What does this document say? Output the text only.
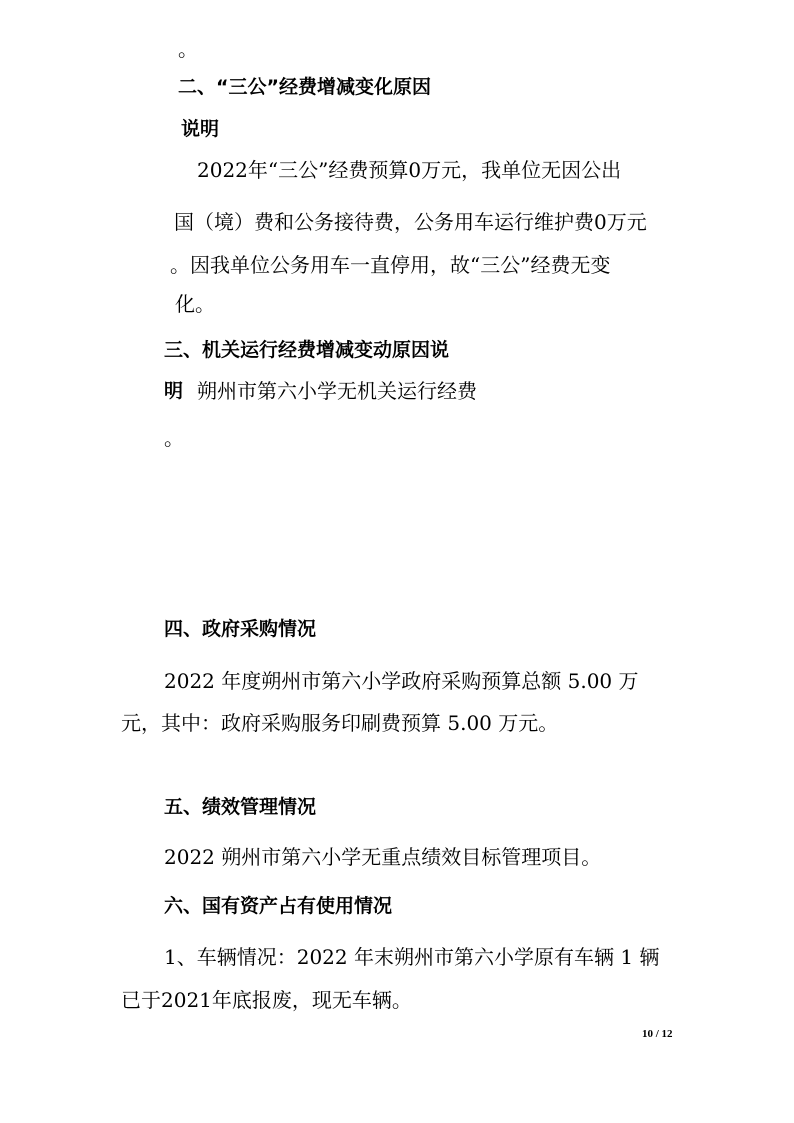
。
二、“三公”经费增减变化原因
说明
2022年“三公”经费预算0万元，我单位无因公出
国（境）费和公务接待费，公务用车运行维护费0万元
。因我单位公务用车一直停用，故“三公”经费无变
化。
三、机关运行经费增减变动原因说
明 朔州市第六小学无机关运行经费
。
四、政府采购情况
2022 年度朔州市第六小学政府采购预算总额 5.00 万
元，其中：政府采购服务印刷费预算 5.00 万元。
五、绩效管理情况
2022 朔州市第六小学无重点绩效目标管理项目。
六、国有资产占有使用情况
1、车辆情况：2022 年末朔州市第六小学原有车辆 1 辆
已于2021年底报废，现无车辆。
10 / 12
